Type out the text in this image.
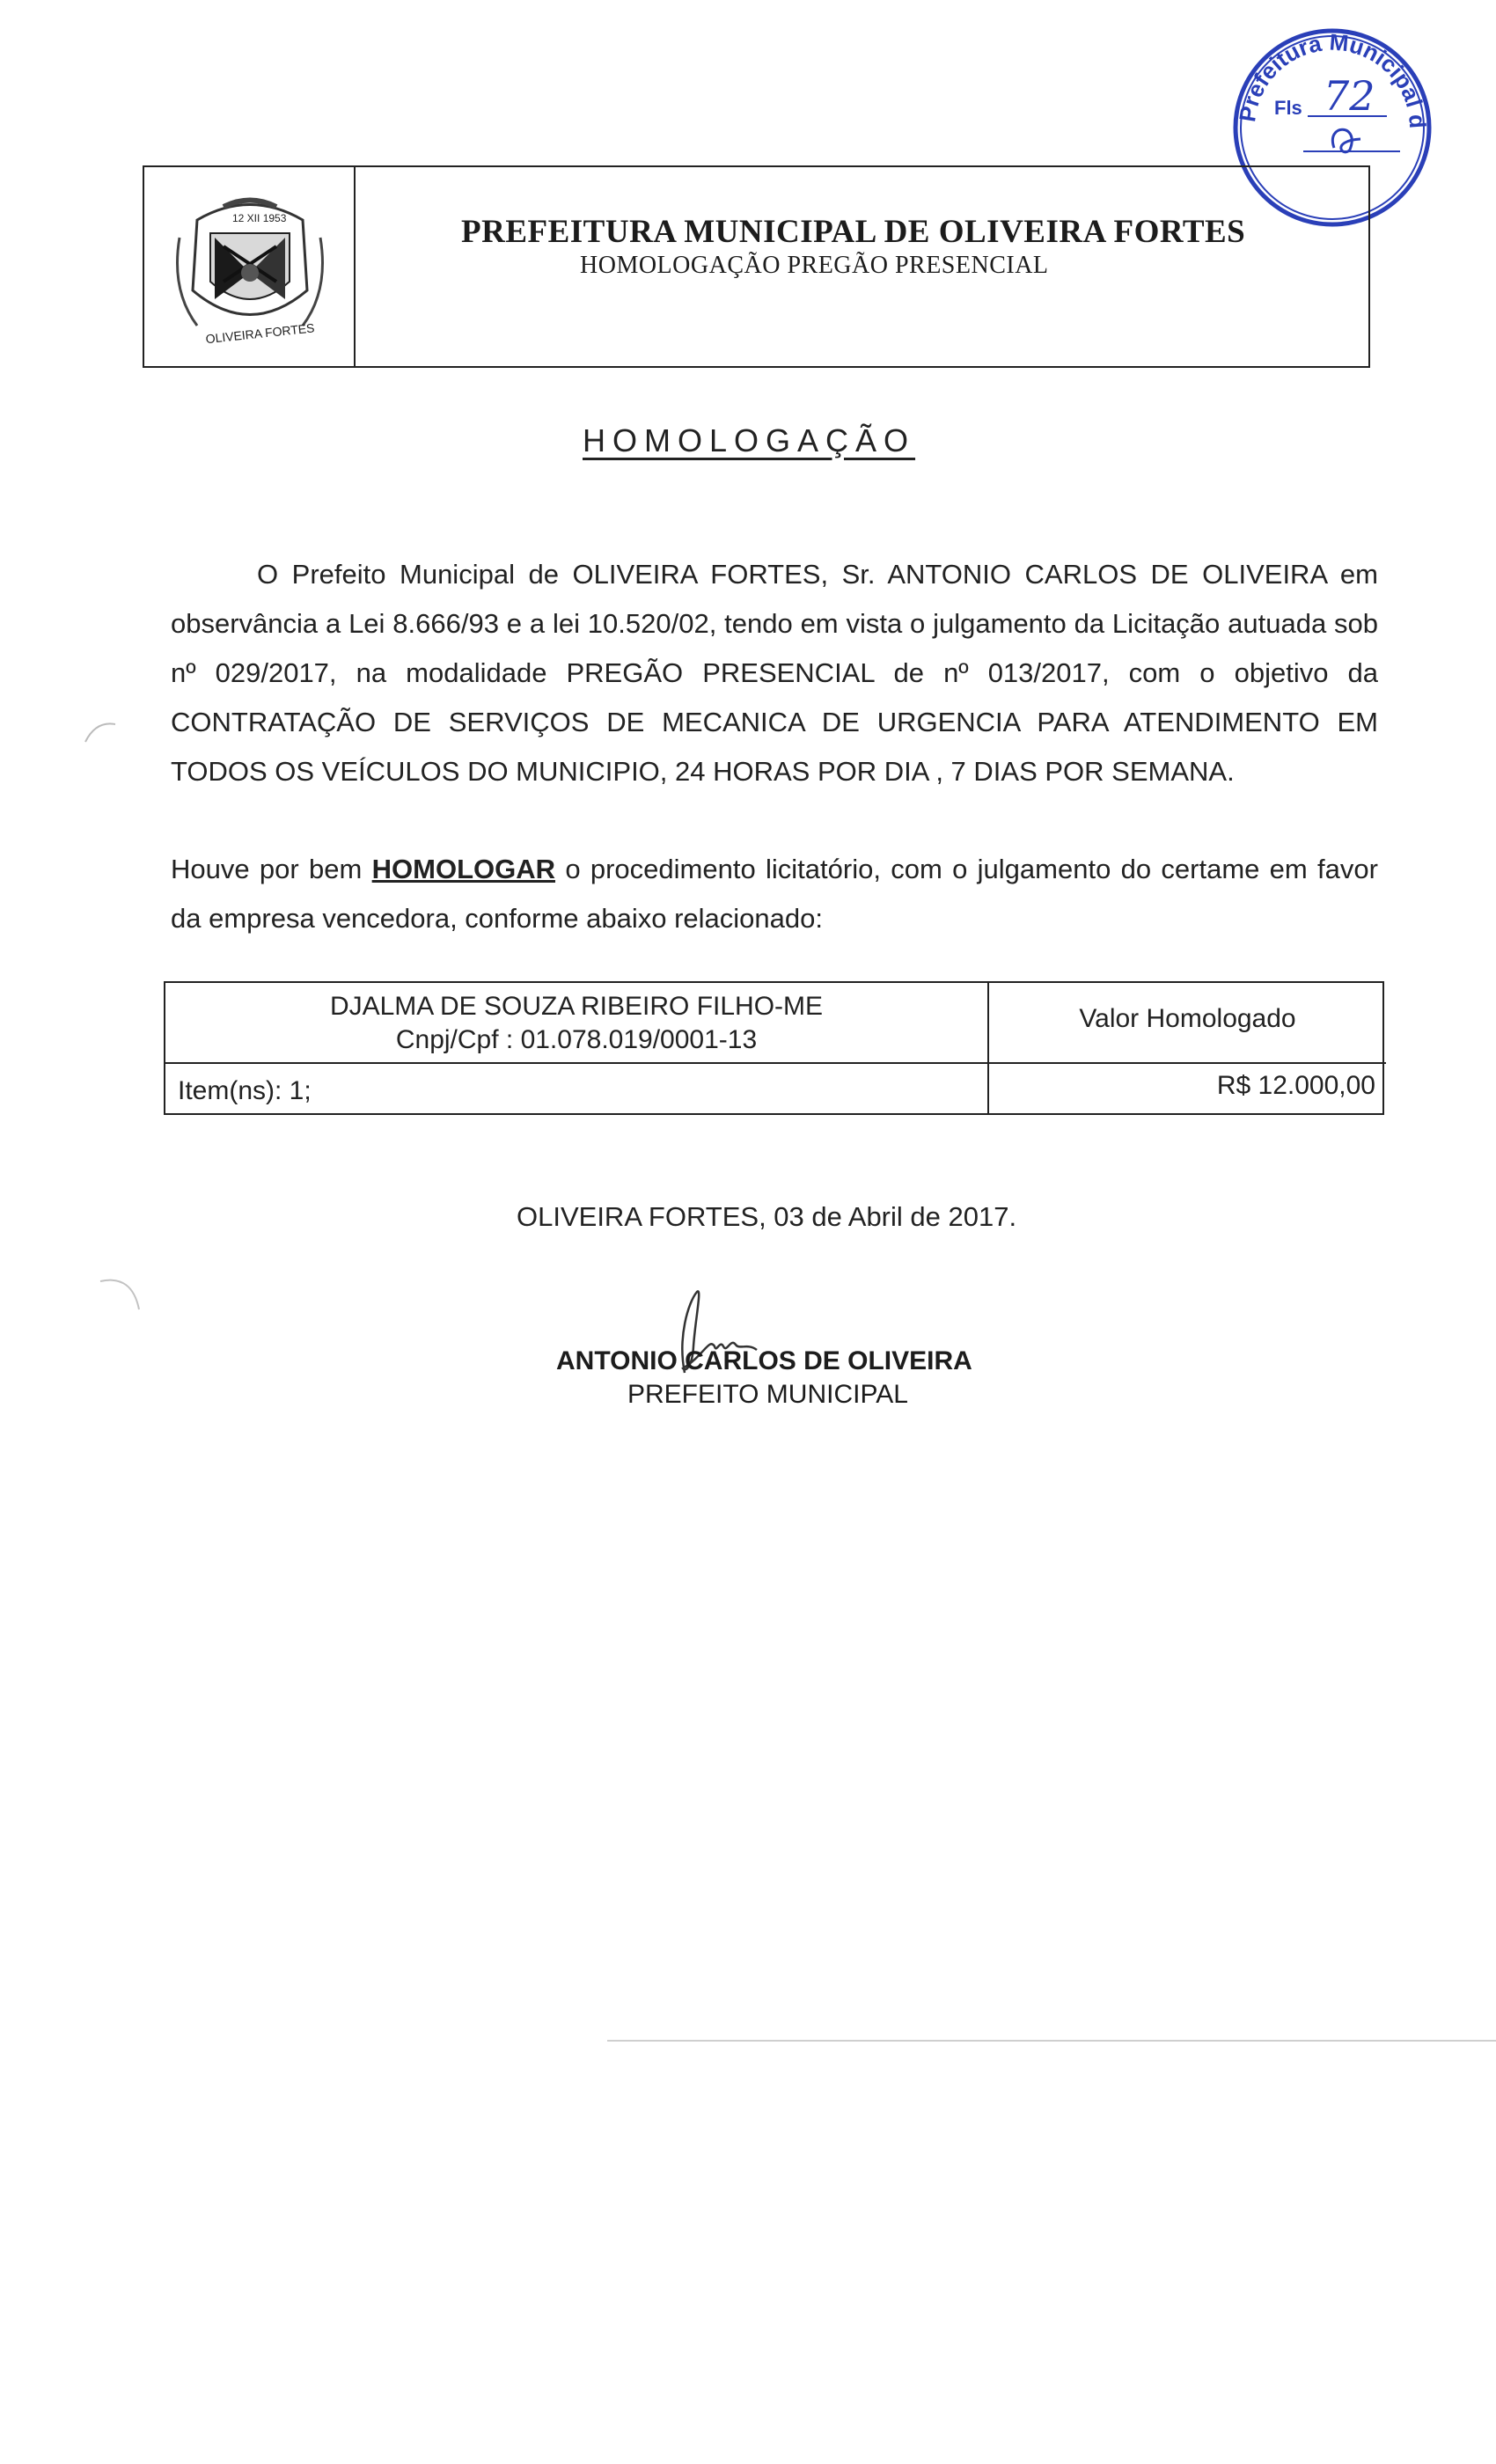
Prefeitura Municipal d
Fls 72
12 XII 1953
OLIVEIRA FORTES
PREFEITURA MUNICIPAL DE OLIVEIRA FORTES
HOMOLOGAÇÃO PREGÃO PRESENCIAL
HOMOLOGAÇÃO
O Prefeito Municipal de OLIVEIRA FORTES, Sr. ANTONIO CARLOS DE OLIVEIRA em observância a Lei 8.666/93 e a lei 10.520/02, tendo em vista o julgamento da Licitação autuada sob nº 029/2017, na modalidade PREGÃO PRESENCIAL de nº 013/2017, com o objetivo da CONTRATAÇÃO DE SERVIÇOS DE MECANICA DE URGENCIA PARA ATENDIMENTO EM TODOS OS VEÍCULOS DO MUNICIPIO, 24 HORAS POR DIA , 7 DIAS POR SEMANA.
Houve por bem HOMOLOGAR o procedimento licitatório, com o julgamento do certame em favor da empresa vencedora, conforme abaixo relacionado:
DJALMA DE SOUZA RIBEIRO FILHO-ME
Cnpj/Cpf : 01.078.019/0001-13
Valor Homologado
Item(ns): 1;	R$ 12.000,00
OLIVEIRA FORTES, 03 de Abril de 2017.
ANTONIO CARLOS DE OLIVEIRA
PREFEITO MUNICIPAL
